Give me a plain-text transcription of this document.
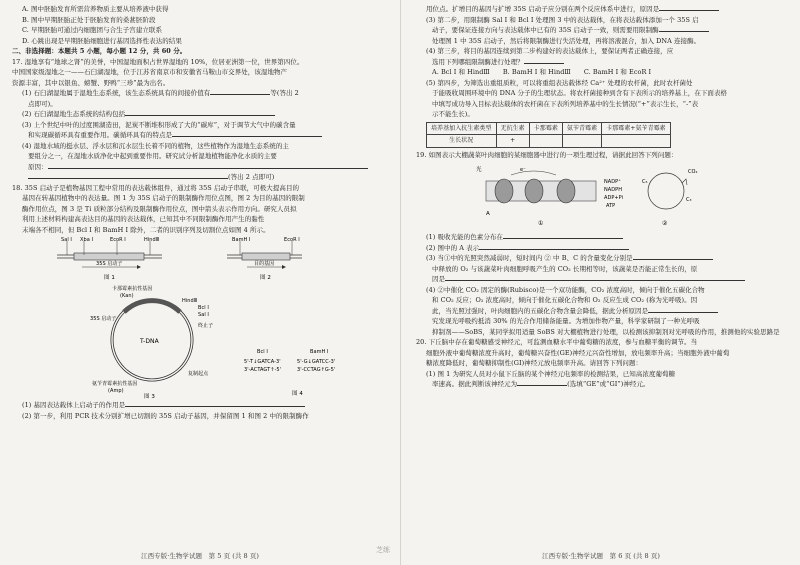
A. 图中胚胎发育所需营养物质主要从培养液中获得
B. 图中早期胚胎正处于胚胎发育的桑葚胚阶段
C. 早期胚胎可通过内细胞团与合生子宫建立联系
D. 心跳出现是早期胚胎细胞进行基因选择性表达的结果
二、非选择题：本题共 5 小题，每小题 12 分，共 60 分。
17. 湿地享有“地球之肾”的美誉，中国湿地面积占世界湿地的 10%，位居亚洲第一位，世界第四位。
中国国家级湿地之一——石臼湖湿地，位于江苏省南京市和安徽省马鞍山市交界处，该湿地物产
资源丰富，其中以银鱼、螃蟹、野鸭“三珍”最为出名。
(1) 石臼湖湿地属于湿地生态系统，该生态系统具有的间接价值有	等(答出 2
点即可)。
(2) 石臼湖湿地生态系统的结构包括
(3) 上个世纪中叶的过度围湖造田，泥炭不断堆积形成了大的“碳库”，对于调节大气中的碳含量
和实现碳循环具有重要作用。碳循环具有的特点是
(4) 湿地水域的挺水层、浮水层和沉水层生长着不同的植物，这些植物作为湿地生态系统的主
要组分之一，在湿地水质净化中起到重要作用。研究试分析湿地植物能净化水质的主要
原因：
(答出 2 点即可)
18. 35S 启动子是植物基因工程中常用的表达载体组件，通过将 35S 启动子串联，可极大提高目的
基因在转基因植物中的表达量。图 1 为 35S 启动子的限制酶作用位点图，图 2 为目的基因的限制
酶作用位点，图 3 是 Ti 质粒部分结构及限制酶作用位点，图中箭头表示作用方向。研究人员拟
利用上述材料构建高表达目的基因的表达载体，已知其中不同限制酶作用产生的黏性
末端各不相同，但 Bcl Ⅰ 和 BamH Ⅰ 除外，二者的识别序列及切割位点如图 4 所示。
Sal Ⅰ Xba Ⅰ	EcoR Ⅰ	HindⅢ
35S 启动子
图 1
BamH Ⅰ	EcoR Ⅰ
目的基因
图 2
T-DNA
卡那霉素抗性基因
(Kan)
35S 启动子
终止子
Bcl Ⅰ
Sal Ⅰ
HindⅢ
氨苄青霉素抗性基因
(Amp)
复制起点
图 3
Bcl Ⅰ	BamH Ⅰ
5'-T↓GATCA-3'
3'-ACTAGT↑-5'
5'-G↓GATCC-3'
3'-CCTAG↑G-5'
图 4
(1) 基因表达载体上启动子的作用是
(2) 第一步，利用 PCR 技术分别扩增已切割的 35S 启动子基因，并保留图 1 和图 2 中的限制酶作
江西专版·生物学试题　第 5 页 (共 8 页)
用位点。扩增目的基因与扩增 35S 启动子应分别在两个反应体系中进行，原因是
(3) 第二步，用限制酶 Sal Ⅰ 和 Bcl Ⅰ 处理图 3 中的表达载体，在将表达载体添加一个 35S 启
动子，要保证连接方向与表达载体中已有的 35S 启动子一致，则需要用限制酶
处理图 1 中 35S 启动子，然后将限制酶进行失活处理，再将溶液混合，加入 DNA 连接酶。
(4) 第三步，将目的基因连续到第二步构建好的表达载体上，要保证两者正确连接，应
选用下列哪组限制酶进行处理？
A. Bcl Ⅰ 和 HindⅢ　　B. BamH Ⅰ 和 HindⅢ　　C. BamH Ⅰ 和 EcoR Ⅰ
(5) 第四步，为筛选出重组质粒，可以将重组表达载体经 Ca²⁺ 处理的农杆菌，此时农杆菌处
于能吸收周围环境中的 DNA 分子的生理状态。将农杆菌接种到含有下表所示的培养基上，在下面表格
中填写成功导入目标表达载体的农杆菌在下表所列培养基中的生长情况(“+”表示生长，“-”表
示不能生长)。
培养基加入抗生素类型	无抗生素	卡那霉素	氨苄青霉素	卡那霉素+氨苄青霉素
生长状况	+			
19. 如图表示大棚蔬菜叶肉细胞的某细胞器中进行的一项生理过程，请据此回答下列问题：
光
A
e⁻
NADP⁺
NADPH
ADP+Pi
ATP
CO₂
C₅
C₃
①	②
(1) 吸收光能的色素分布在
(2) 图中的 A 表示
(3) 当①中的光照突然减弱时，短时间内 ② 中 B、C 的含量变化分别是
中释放的 O₂ 与该蔬菜叶肉细胞呼吸产生的 CO₂ 长期相等时，该蔬菜是否能正常生长的，原
因是
(4) ②中催化 CO₂ 固定的酶(Rubisco)是一个双功能酶，CO₂ 浓度高时，倾向于催化五碳化合物
和 CO₂ 反应；O₂ 浓度高时，倾向于催化五碳化合物和 O₂ 反应生成 CO₂ (称为光呼吸)。因
此，当光照过强时，叶肉细胞内的五碳化合物含量会降低，据此分析原因是
究发现光呼吸约抵消 30% 的光合作用储备能量。为增加作物产量，科学家研制了一种光呼吸
抑制剂——SoBS，某同学拟用适量 SoBS 对大棚植物进行处理，以检测该抑制剂对光呼吸的作用，推测他的实验思路是
20. 下丘脑中存在葡萄糖感受神经元，可监测血糖水平中葡萄糖的浓度，参与血糖平衡的调节。当
细胞外液中葡萄糖浓度升高时，葡萄糖兴奋性(GE)神经元兴奋性增加，放电频率升高；当细胞外液中葡萄
糖浓度降低时，葡萄糖抑制性(GI)神经元放电频率升高。请回答下列问题：
(1) 图 1 为研究人员对小鼠下丘脑的某个神经元电频率的检测结果，已知高浓度葡萄糖
率速高。据此判断该神经元为	(选填“GE”或“GI”)神经元。
江西专版·生物学试题　第 6 页 (共 8 页)
芝练
